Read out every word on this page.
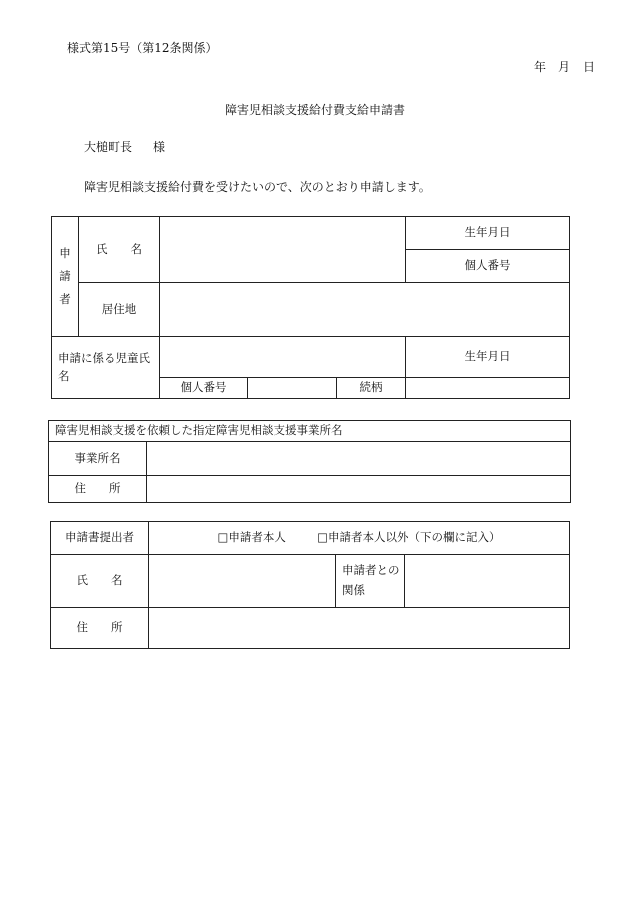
様式第15号（第12条関係）
年 月 日
障害児相談支援給付費支給申請書
大槌町長 様
障害児相談支援給付費を受けたいので、次のとおり申請します。
申
請
者	氏　　名				生年月日	
					個人番号	
	居住地					
申請に係る児童氏名					生年月日	
		個人番号		続柄		
障害児相談支援を依頼した指定障害児相談支援事業所名	
事業所名	
住　　所	
申請書提出者	□申請者本人 □申請者本人以外（下の欄に記入）		
氏　　名		申請者との関係	
住　　所			
